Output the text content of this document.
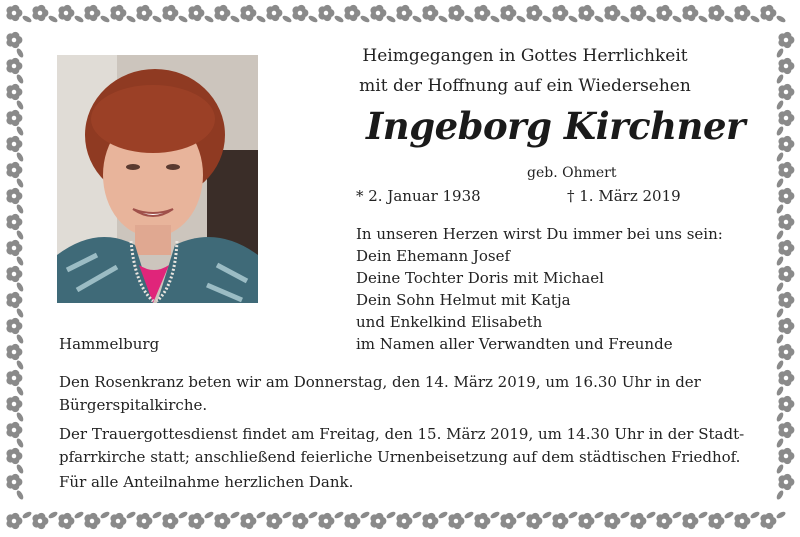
Heimgegangen in Gottes Herrlichkeit
mit der Hoffnung auf ein Wiedersehen
Ingeborg Kirchner
geb. Ohmert
* 2. Januar 1938	† 1. März 2019
In unseren Herzen wirst Du immer bei uns sein:
Dein Ehemann Josef
Deine Tochter Doris mit Michael
Dein Sohn Helmut mit Katja
und Enkelkind Elisabeth
im Namen aller Verwandten und Freunde
Hammelburg
Den Rosenkranz beten wir am Donnerstag, den 14. März 2019, um 16.30 Uhr in der
Bürgerspitalkirche.
Der Trauergottesdienst findet am Freitag, den 15. März 2019, um 14.30 Uhr in der Stadt-
pfarrkirche statt; anschließend feierliche Urnenbeisetzung auf dem städtischen Friedhof.
Für alle Anteilnahme herzlichen Dank.
